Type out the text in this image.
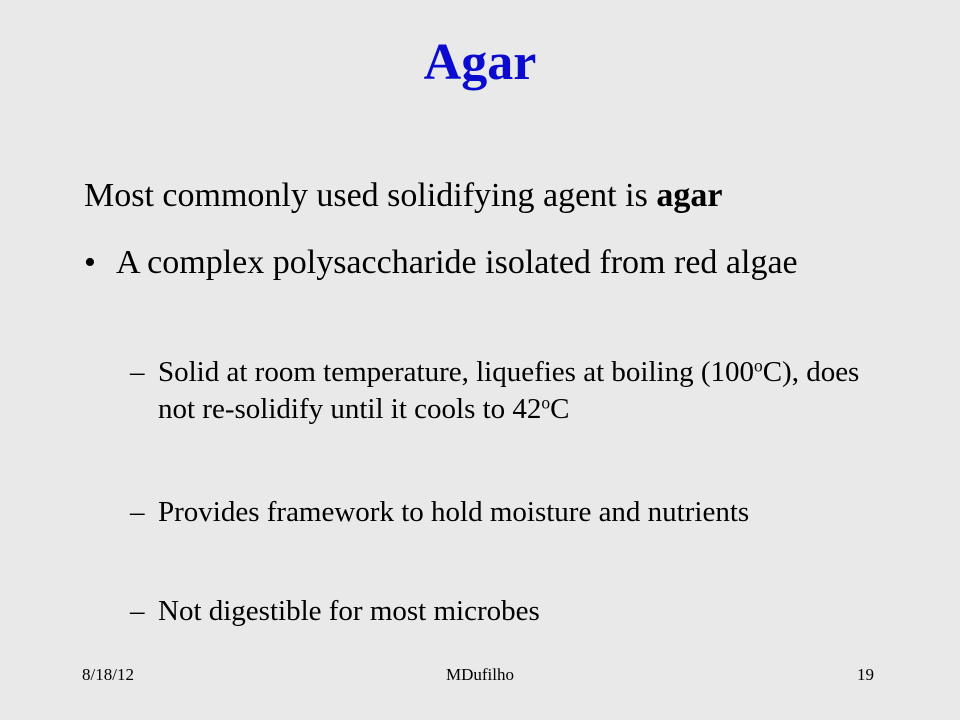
Agar
Most commonly used solidifying agent is agar
• A complex polysaccharide isolated from red algae
– Solid at room temperature, liquefies at boiling (100$^o$C), does not re-solidify until it cools to 42$^o$C
– Provides framework to hold moisture and nutrients
– Not digestible for most microbes
8/18/12	MDufilho	19
